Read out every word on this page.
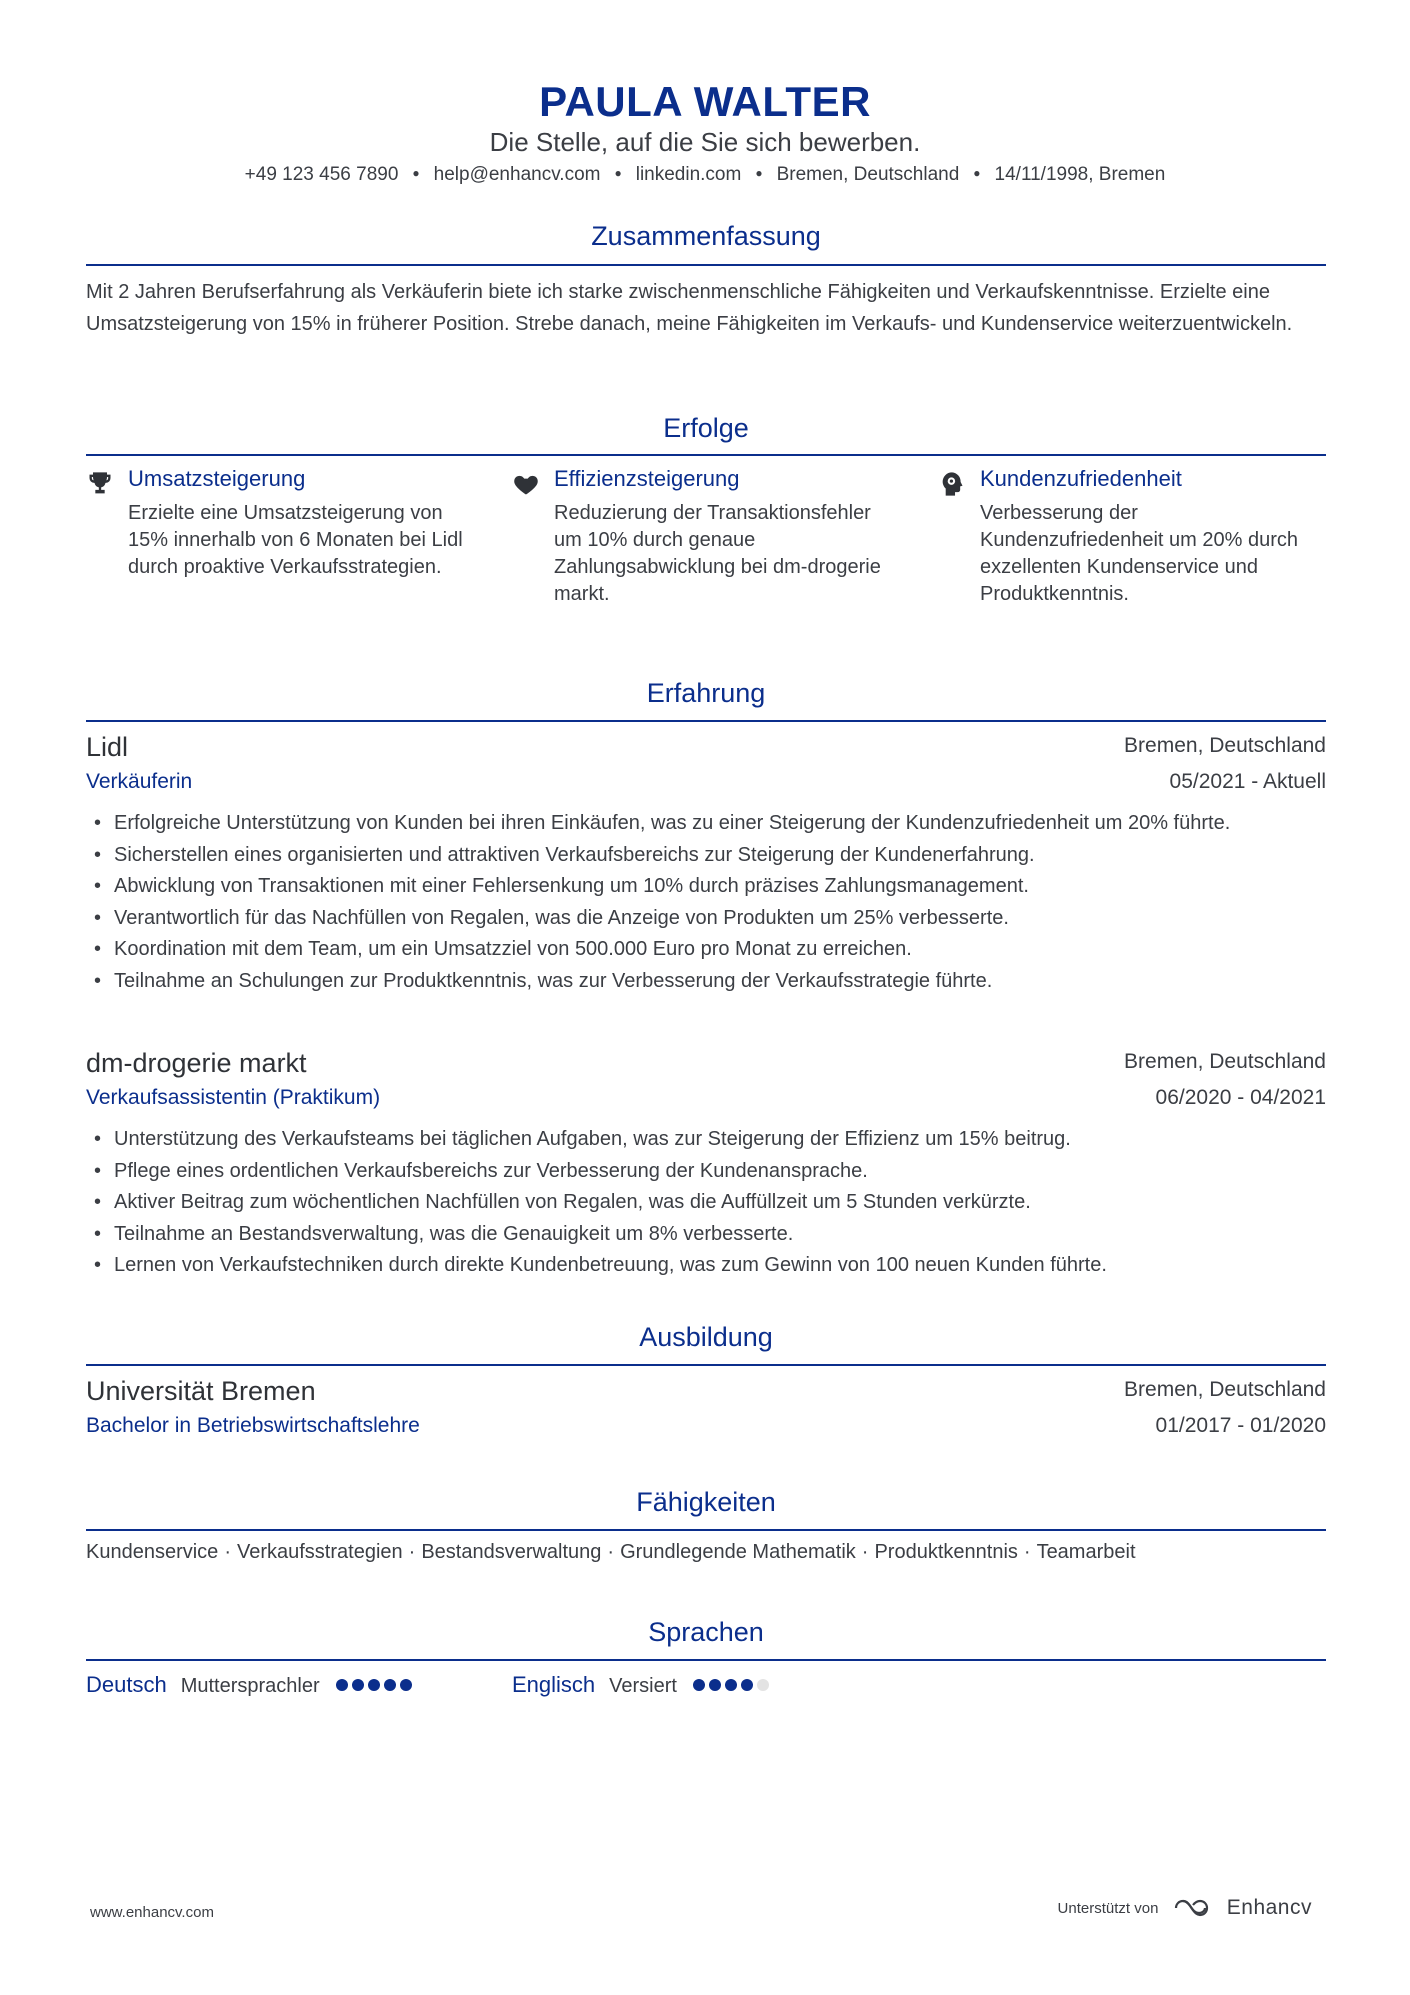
PAULA WALTER
Die Stelle, auf die Sie sich bewerben.
+49 123 456 7890 ● help@enhancv.com ● linkedin.com ● Bremen, Deutschland ● 14/11/1998, Bremen
Zusammenfassung
Mit 2 Jahren Berufserfahrung als Verkäuferin biete ich starke zwischenmenschliche Fähigkeiten und Verkaufskenntnisse. Erzielte eine Umsatzsteigerung von 15% in früherer Position. Strebe danach, meine Fähigkeiten im Verkaufs- und Kundenservice weiterzuentwickeln.
Erfolge
Umsatzsteigerung
Erzielte eine Umsatzsteigerung von 15% innerhalb von 6 Monaten bei Lidl durch proaktive Verkaufsstrategien.
Effizienzsteigerung
Reduzierung der Transaktionsfehler um 10% durch genaue Zahlungsabwicklung bei dm-drogerie markt.
Kundenzufriedenheit
Verbesserung der Kundenzufriedenheit um 20% durch exzellenten Kundenservice und Produktkenntnis.
Erfahrung
Lidl	Bremen, Deutschland
Verkäuferin	05/2021 - Aktuell
• Erfolgreiche Unterstützung von Kunden bei ihren Einkäufen, was zu einer Steigerung der Kundenzufriedenheit um 20% führte.
• Sicherstellen eines organisierten und attraktiven Verkaufsbereichs zur Steigerung der Kundenerfahrung.
• Abwicklung von Transaktionen mit einer Fehlersenkung um 10% durch präzises Zahlungsmanagement.
• Verantwortlich für das Nachfüllen von Regalen, was die Anzeige von Produkten um 25% verbesserte.
• Koordination mit dem Team, um ein Umsatzziel von 500.000 Euro pro Monat zu erreichen.
• Teilnahme an Schulungen zur Produktkenntnis, was zur Verbesserung der Verkaufsstrategie führte.
dm-drogerie markt	Bremen, Deutschland
Verkaufsassistentin (Praktikum)	06/2020 - 04/2021
• Unterstützung des Verkaufsteams bei täglichen Aufgaben, was zur Steigerung der Effizienz um 15% beitrug.
• Pflege eines ordentlichen Verkaufsbereichs zur Verbesserung der Kundenansprache.
• Aktiver Beitrag zum wöchentlichen Nachfüllen von Regalen, was die Auffüllzeit um 5 Stunden verkürzte.
• Teilnahme an Bestandsverwaltung, was die Genauigkeit um 8% verbesserte.
• Lernen von Verkaufstechniken durch direkte Kundenbetreuung, was zum Gewinn von 100 neuen Kunden führte.
Ausbildung
Universität Bremen	Bremen, Deutschland
Bachelor in Betriebswirtschaftslehre	01/2017 - 01/2020
Fähigkeiten
Kundenservice · Verkaufsstrategien · Bestandsverwaltung · Grundlegende Mathematik · Produktkenntnis · Teamarbeit
Sprachen
Deutsch Muttersprachler	Englisch Versiert
www.enhancv.com	Unterstützt von	Enhancv
